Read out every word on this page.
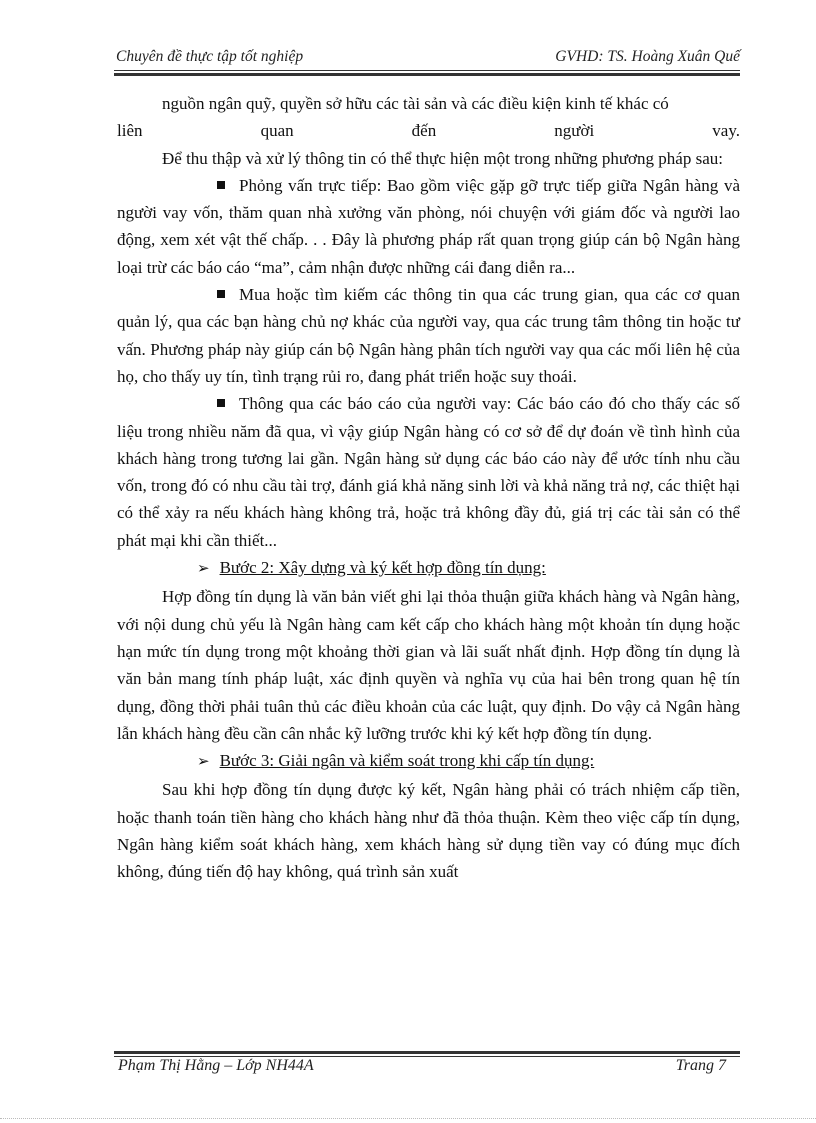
Chuyên đề thực tập tốt nghiệp	GVHD: TS. Hoàng Xuân Quế

nguồn ngân quỹ, quyền sở hữu các tài sản và các điều kiện kinh tế khác có

liên quan đến người vay.

Để thu thập và xử lý thông tin có thể thực hiện một trong những phương pháp sau:

Phỏng vấn trực tiếp: Bao gồm việc gặp gỡ trực tiếp giữa Ngân hàng và người vay vốn, thăm quan nhà xưởng văn phòng, nói chuyện với giám đốc và người lao động, xem xét vật thế chấp. . . Đây là phương pháp rất quan trọng giúp cán bộ Ngân hàng loại trừ các báo cáo “ma”, cảm nhận được những cái đang diễn ra...

Mua hoặc tìm kiếm các thông tin qua các trung gian, qua các cơ quan quản lý, qua các bạn hàng chủ nợ khác của người vay, qua các trung tâm thông tin hoặc tư vấn. Phương pháp này giúp cán bộ Ngân hàng phân tích người vay qua các mối liên hệ của họ, cho thấy uy tín, tình trạng rủi ro, đang phát triển hoặc suy thoái.

Thông qua các báo cáo của người vay: Các báo cáo đó cho thấy các số liệu trong nhiều năm đã qua, vì vậy giúp Ngân hàng có cơ sở để dự đoán về tình hình của khách hàng trong tương lai gần. Ngân hàng sử dụng các báo cáo này để ước tính nhu cầu vốn, trong đó có nhu cầu tài trợ, đánh giá khả năng sinh lời và khả năng trả nợ, các thiệt hại có thể xảy ra nếu khách hàng không trả, hoặc trả không đầy đủ, giá trị các tài sản có thể phát mại khi cần thiết...

➢ Bước 2: Xây dựng và ký kết hợp đồng tín dụng:

Hợp đồng tín dụng là văn bản viết ghi lại thỏa thuận giữa khách hàng và Ngân hàng, với nội dung chủ yếu là Ngân hàng cam kết cấp cho khách hàng một khoản tín dụng hoặc hạn mức tín dụng trong một khoảng thời gian và lãi suất nhất định. Hợp đồng tín dụng là văn bản mang tính pháp luật, xác định quyền và nghĩa vụ của hai bên trong quan hệ tín dụng, đồng thời phải tuân thủ các điều khoản của các luật, quy định. Do vậy cả Ngân hàng lẫn khách hàng đều cần cân nhắc kỹ lưỡng trước khi ký kết hợp đồng tín dụng.

➢ Bước 3: Giải ngân và kiểm soát trong khi cấp tín dụng:

Sau khi hợp đồng tín dụng được ký kết, Ngân hàng phải có trách nhiệm cấp tiền, hoặc thanh toán tiền hàng cho khách hàng như đã thỏa thuận. Kèm theo việc cấp tín dụng, Ngân hàng kiểm soát khách hàng, xem khách hàng sử dụng tiền vay có đúng mục đích không, đúng tiến độ hay không, quá trình sản xuất

Phạm Thị Hằng – Lớp NH44A	Trang 7
